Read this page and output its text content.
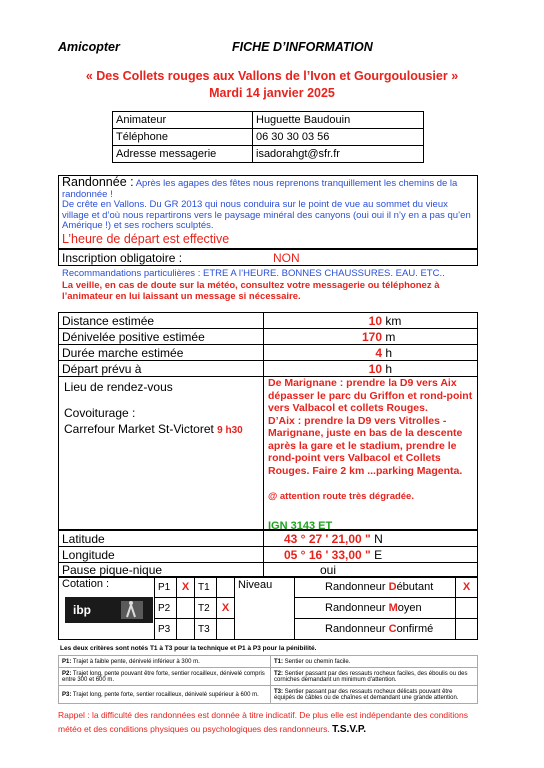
Amicopter	FICHE D’INFORMATION
« Des Collets rouges aux Vallons de l’Ivon et Gourgoulousier »
Mardi 14 janvier 2025
Animateur	Huguette Baudouin
Téléphone	06 30 30 03 56
Adresse messagerie	isadorahgt@sfr.fr
Randonnée : Après les agapes des fêtes nous reprenons tranquillement les chemins de la randonnée !
De crête en Vallons. Du GR 2013 qui nous conduira sur le point de vue au sommet du vieux village et d’où nous repartirons vers le paysage minéral des canyons (oui oui il n’y en a pas qu’en Amérique !) et ses rochers sculptés.
L’heure de départ est effective
Inscription obligatoire :	NON
Recommandations particulières : ETRE A l’HEURE. BONNES CHAUSSURES. EAU. ETC..
La veille, en cas de doute sur la météo, consultez votre messagerie ou téléphonez à l’animateur en lui laissant un message si nécessaire.
Distance estimée	10 km
Dénivelée positive estimée	170 m
Durée marche estimée	4 h
Départ prévu à	10 h
Lieu de rendez-vous
Covoiturage :
Carrefour Market St-Victoret 9 h30
De Marignane : prendre la D9 vers Aix dépasser le parc du Griffon et rond-point vers Valbacol et collets Rouges.
D’Aix : prendre la D9 vers Vitrolles - Marignane, juste en bas de la descente après la gare et le stadium, prendre le rond-point vers Valbacol et Collets Rouges. Faire 2 km ...parking Magenta.
@ attention route très dégradée.
IGN 3143 ET
Latitude	43 ° 27 ' 21,00 " N
Longitude	05 ° 16 ' 33,00 " E
Pause pique-nique	oui
Cotation :
ibp	P1	X	T1		Niveau	Randonneur Débutant	X
	P2		T2	X		Randonneur Moyen	
	P3		T3			Randonneur Confirmé	
Les deux critères sont notés T1 à T3 pour la technique et P1 à P3 pour la pénibilité.
P1: Trajet à faible pente, dénivelé inférieur à 300 m.	T1: Sentier ou chemin facile.
P2: Trajet long, pente pouvant être forte, sentier rocailleux, dénivelé compris entre 300 et 600 m.	T2: Sentier passant par des ressauts rocheux faciles, des éboulis ou des corniches demandant un minimum d'attention.
P3: Trajet long, pente forte, sentier rocailleux, dénivelé supérieur à 600 m.	T3: Sentier passant par des ressauts rocheux délicats pouvant être équipés de câbles ou de chaînes et demandant une grande attention.
Rappel : la difficulté des randonnées est donnée à titre indicatif. De plus elle est indépendante des conditions météo et des conditions physiques ou psychologiques des randonneurs. T.S.V.P.
